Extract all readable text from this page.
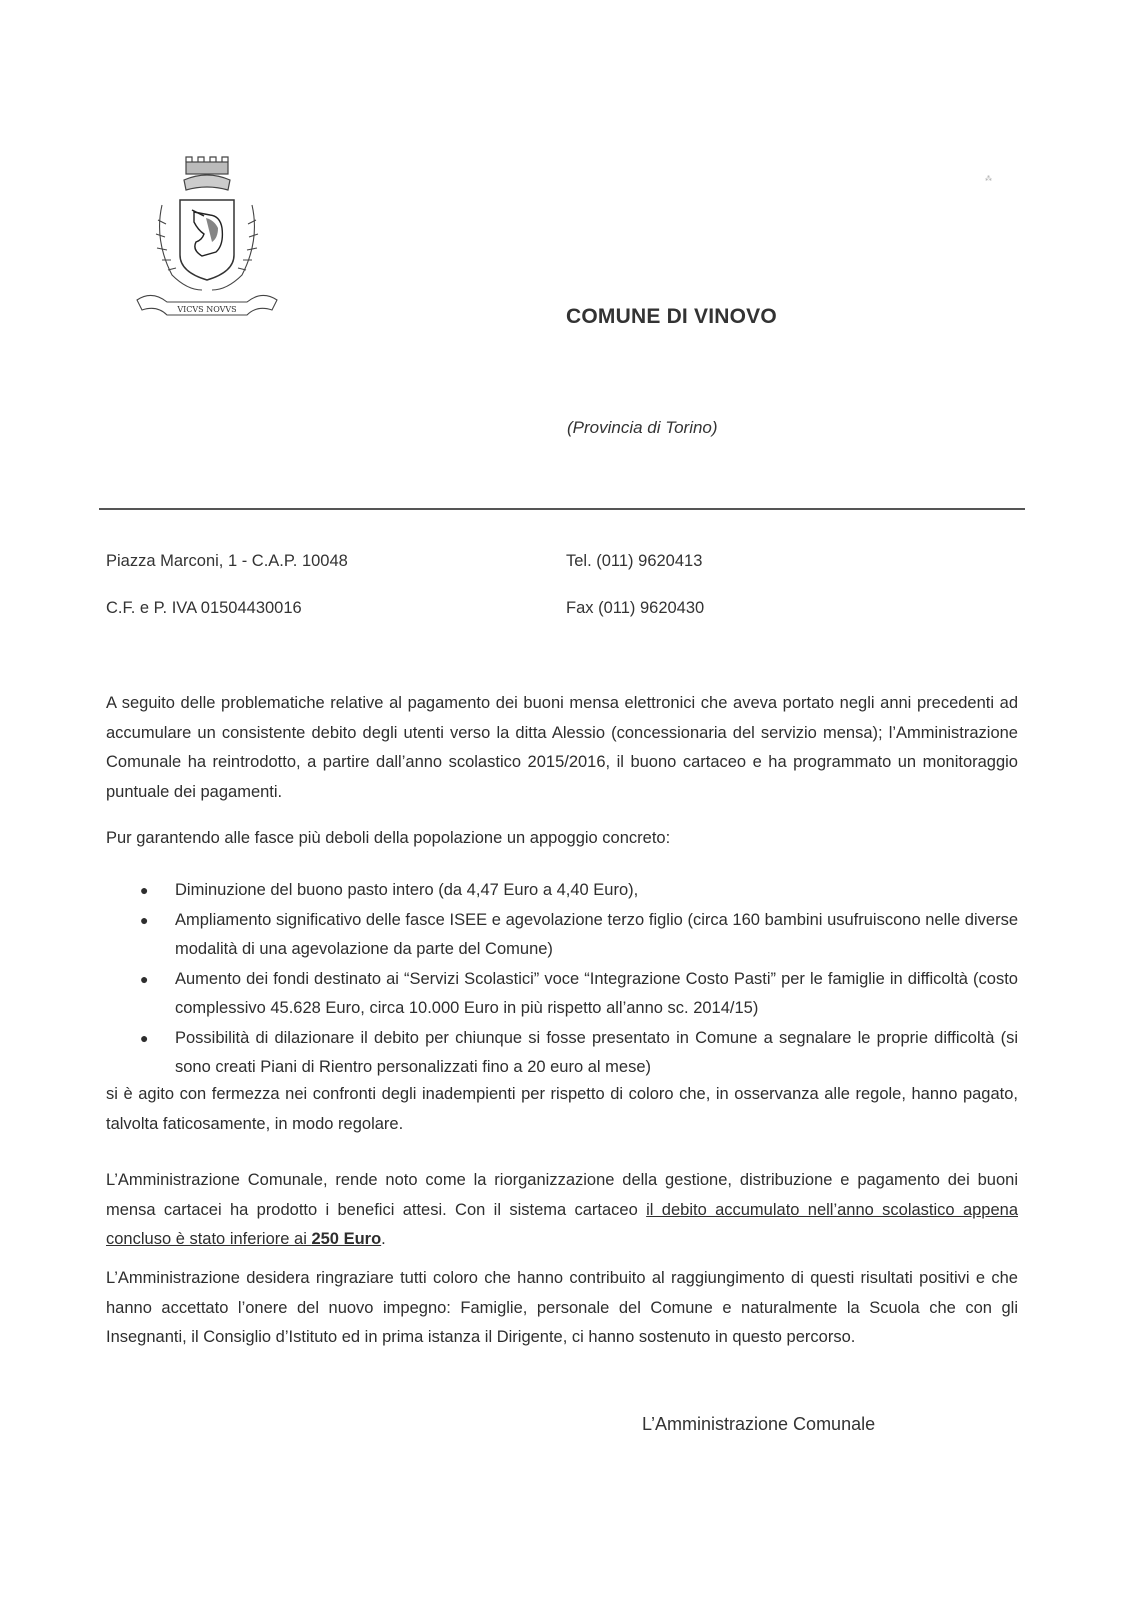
VICVS NOVVS
⁂
COMUNE DI VINOVO
(Provincia di Torino)
Piazza Marconi, 1 - C.A.P. 10048
C.F. e P. IVA 01504430016
Tel. (011) 9620413
Fax (011) 9620430

A seguito delle problematiche relative al pagamento dei buoni mensa elettronici che aveva portato negli anni precedenti ad accumulare un consistente debito degli utenti verso la ditta Alessio (concessionaria del servizio mensa); l’Amministrazione Comunale ha reintrodotto, a partire dall’anno scolastico 2015/2016, il buono cartaceo e ha programmato un monitoraggio puntuale dei pagamenti.

Pur garantendo alle fasce più deboli della popolazione un appoggio concreto:

● Diminuzione del buono pasto intero (da 4,47 Euro a 4,40 Euro),
● Ampliamento significativo delle fasce ISEE e agevolazione terzo figlio (circa 160 bambini usufruiscono nelle diverse modalità di una agevolazione da parte del Comune)
● Aumento dei fondi destinato ai “Servizi Scolastici” voce “Integrazione Costo Pasti” per le famiglie in difficoltà (costo complessivo 45.628 Euro, circa 10.000 Euro in più rispetto all’anno sc. 2014/15)
● Possibilità di dilazionare il debito per chiunque si fosse presentato in Comune a segnalare le proprie difficoltà (si sono creati Piani di Rientro personalizzati fino a 20 euro al mese)

si è agito con fermezza nei confronti degli inadempienti per rispetto di coloro che, in osservanza alle regole, hanno pagato, talvolta faticosamente, in modo regolare.

L’Amministrazione Comunale, rende noto come la riorganizzazione della gestione, distribuzione e pagamento dei buoni mensa cartacei ha prodotto i benefici attesi. Con il sistema cartaceo il debito accumulato nell’anno scolastico appena concluso è stato inferiore ai 250 Euro.

L’Amministrazione desidera ringraziare tutti coloro che hanno contribuito al raggiungimento di questi risultati positivi e che hanno accettato l’onere del nuovo impegno: Famiglie, personale del Comune e naturalmente la Scuola che con gli Insegnanti, il Consiglio d’Istituto ed in prima istanza il Dirigente, ci hanno sostenuto in questo percorso.

L’Amministrazione Comunale
